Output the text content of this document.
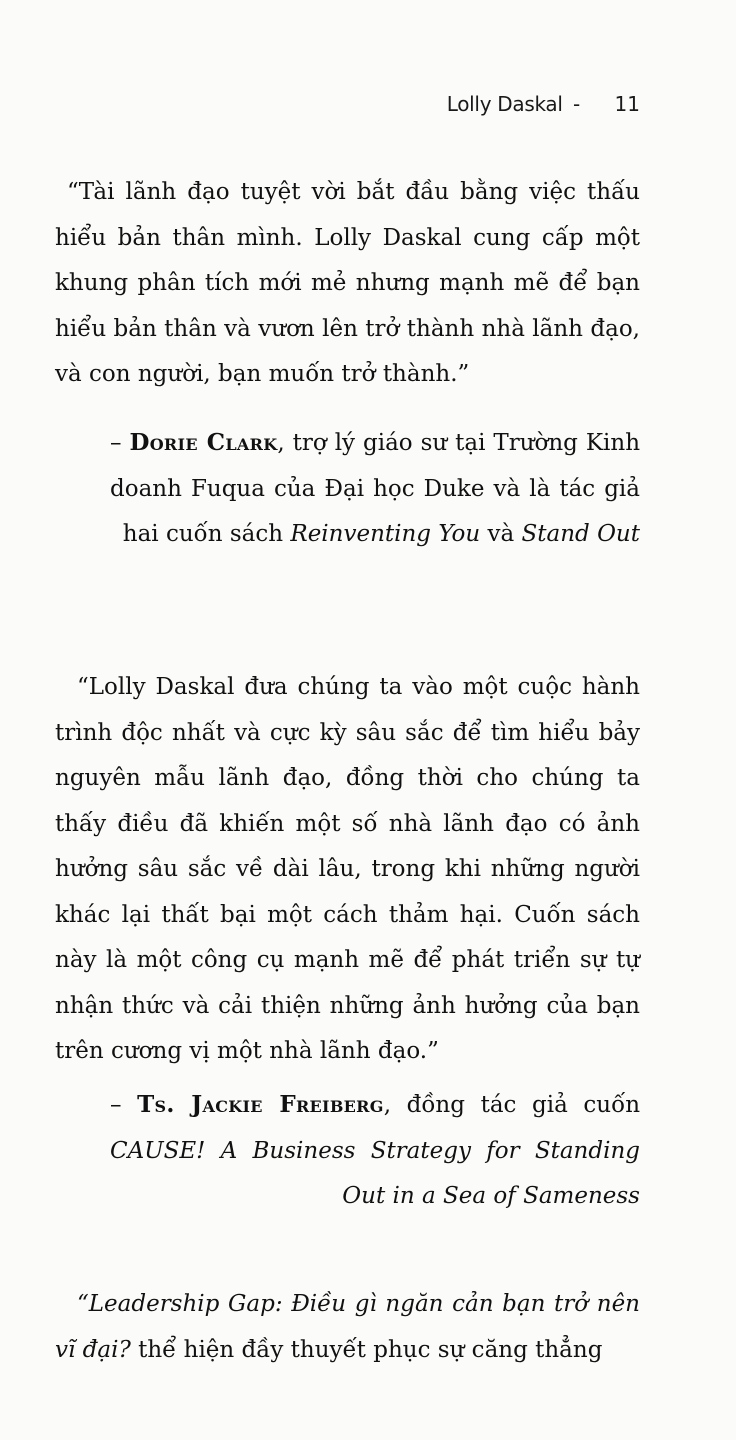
Lolly Daskal - 11
“Tài lãnh đạo tuyệt vời bắt đầu bằng việc thấu hiểu bản thân mình. Lolly Daskal cung cấp một khung phân tích mới mẻ nhưng mạnh mẽ để bạn hiểu bản thân và vươn lên trở thành nhà lãnh đạo, và con người, bạn muốn trở thành.”
– Dorie Clark, trợ lý giáo sư tại Trường Kinh doanh Fuqua của Đại học Duke và là tác giả hai cuốn sách Reinventing You và Stand Out
“Lolly Daskal đưa chúng ta vào một cuộc hành trình độc nhất và cực kỳ sâu sắc để tìm hiểu bảy nguyên mẫu lãnh đạo, đồng thời cho chúng ta thấy điều đã khiến một số nhà lãnh đạo có ảnh hưởng sâu sắc về dài lâu, trong khi những người khác lại thất bại một cách thảm hại. Cuốn sách này là một công cụ mạnh mẽ để phát triển sự tự nhận thức và cải thiện những ảnh hưởng của bạn trên cương vị một nhà lãnh đạo.”
– Ts. Jackie Freiberg, đồng tác giả cuốn CAUSE! A Business Strategy for Standing Out in a Sea of Sameness
“Leadership Gap: Điều gì ngăn cản bạn trở nên vĩ đại? thể hiện đầy thuyết phục sự căng thẳng
